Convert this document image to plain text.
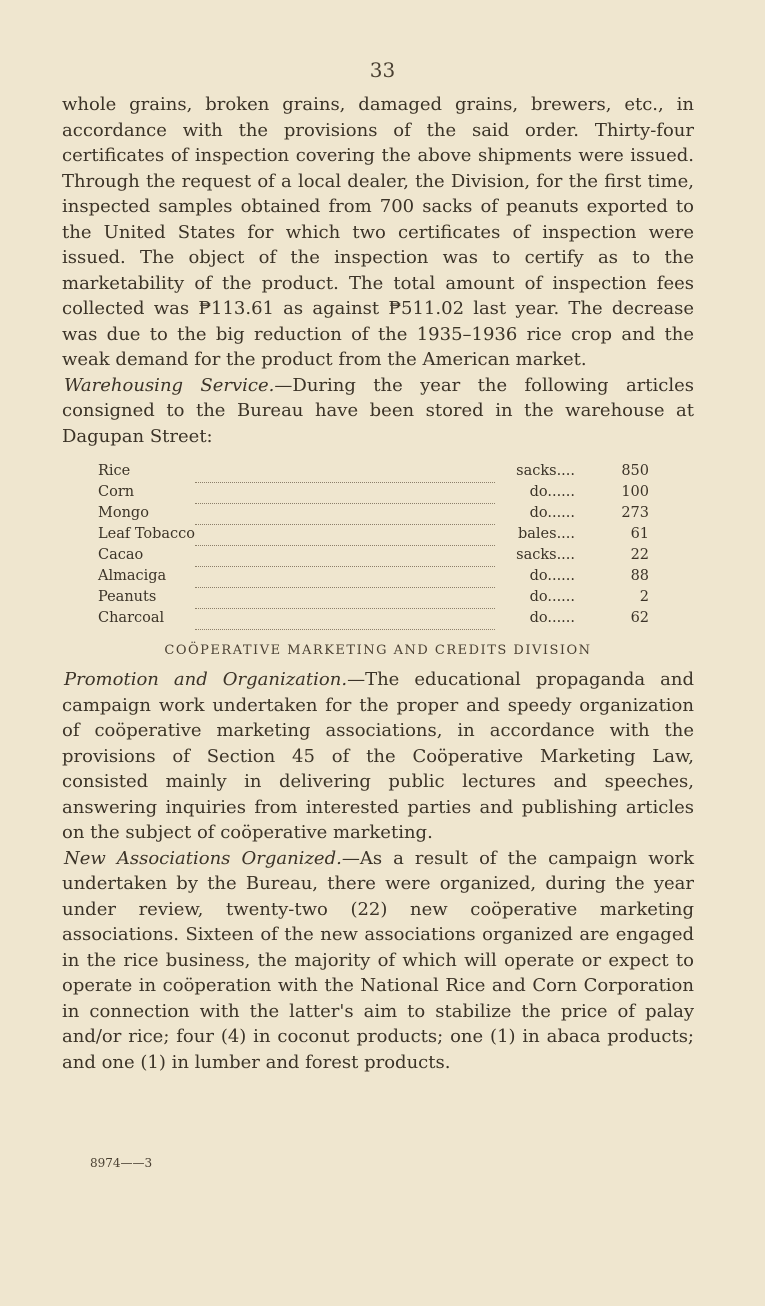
33

whole grains, broken grains, damaged grains, brewers, etc., in accordance with the provisions of the said order. Thirty-four certificates of inspection covering the above shipments were issued. Through the request of a local dealer, the Division, for the first time, inspected samples obtained from 700 sacks of peanuts exported to the United States for which two certificates of inspection were issued. The object of the inspection was to certify as to the marketability of the product. The total amount of inspection fees collected was ₱113.61 as against ₱511.02 last year. The decrease was due to the big reduction of the 1935–1936 rice crop and the weak demand for the product from the American market.

Warehousing Service.—During the year the following articles consigned to the Bureau have been stored in the warehouse at Dagupan Street:

Rice		sacks....	850
Corn		do......	100
Mongo		do......	273
Leaf Tobacco		bales....	61
Cacao		sacks....	22
Almaciga		do......	88
Peanuts		do......	2
Charcoal		do......	62
COÖPERATIVE MARKETING AND CREDITS DIVISION

Promotion and Organization.—The educational propaganda and campaign work undertaken for the proper and speedy organization of coöperative marketing associations, in accordance with the provisions of Section 45 of the Coöperative Marketing Law, consisted mainly in delivering public lectures and speeches, answering inquiries from interested parties and publishing articles on the subject of coöperative marketing.

New Associations Organized.—As a result of the campaign work undertaken by the Bureau, there were organized, during the year under review, twenty-two (22) new coöperative marketing associations. Sixteen of the new associations organized are engaged in the rice business, the majority of which will operate or expect to operate in coöperation with the National Rice and Corn Corporation in connection with the latter's aim to stabilize the price of palay and/or rice; four (4) in coconut products; one (1) in abaca products; and one (1) in lumber and forest products.

8974——3
